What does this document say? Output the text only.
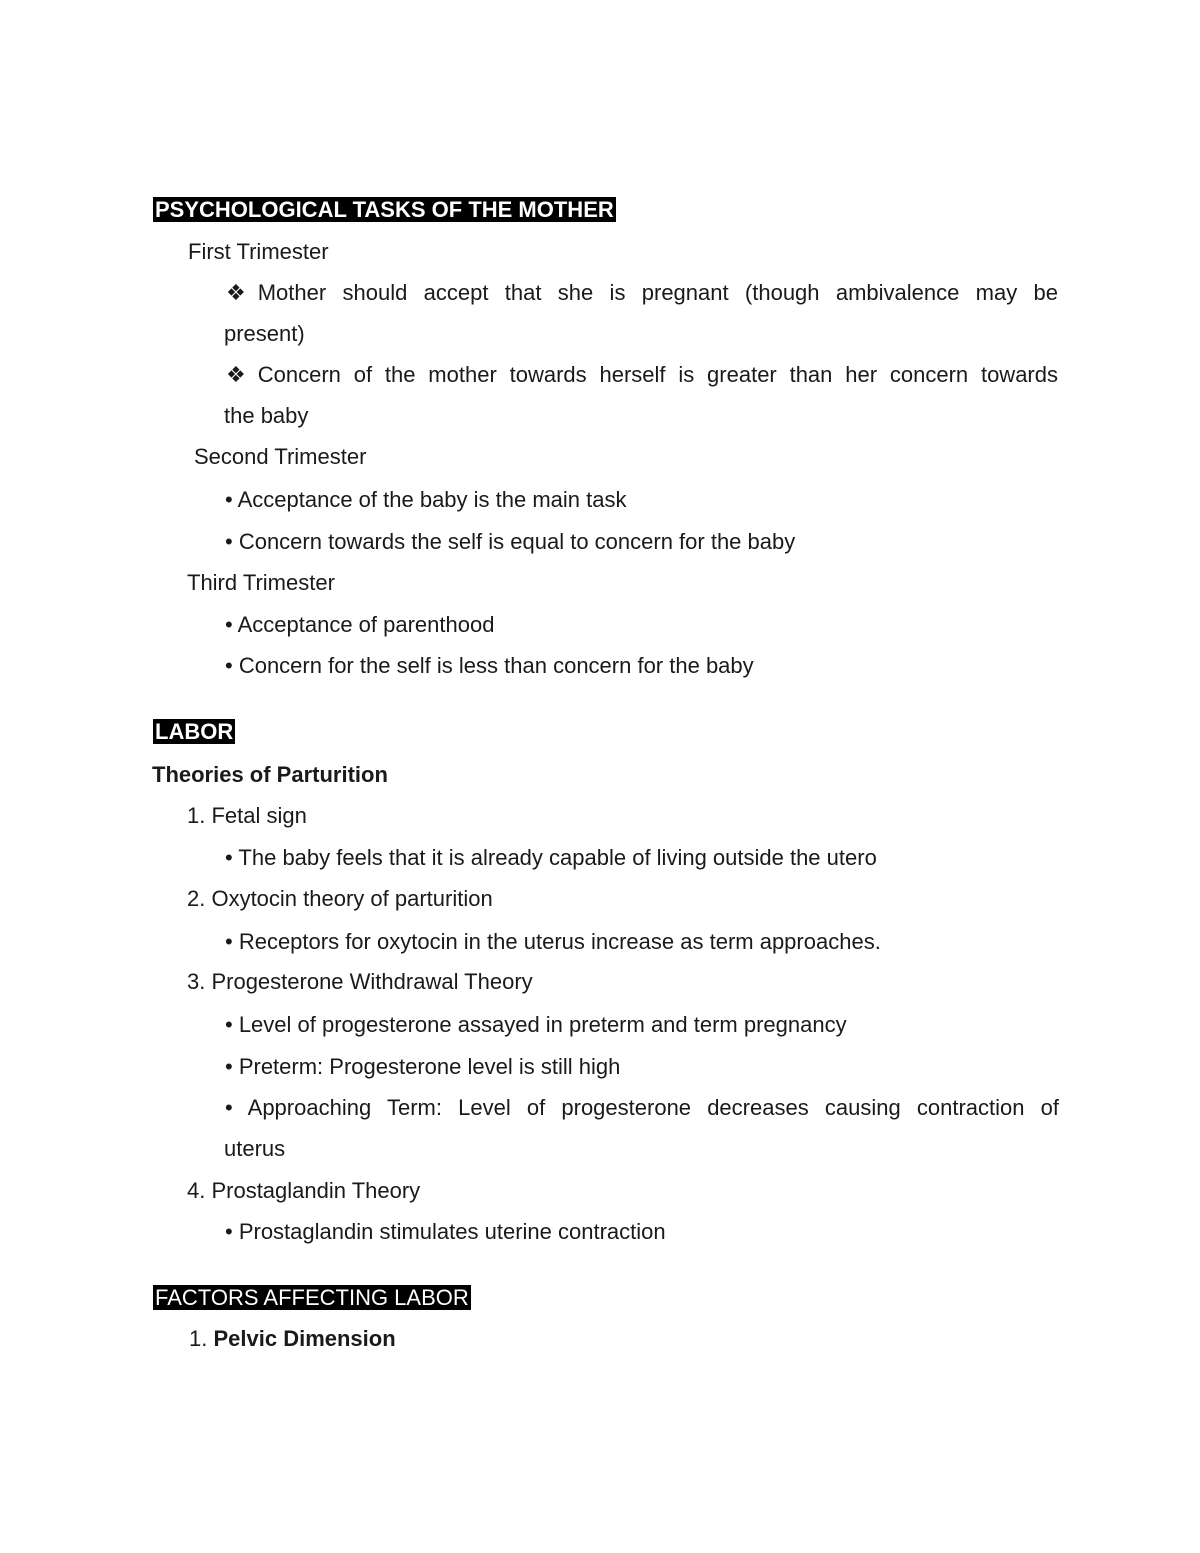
PSYCHOLOGICAL TASKS OF THE MOTHER
First Trimester
❖ Mother should accept that she is pregnant (though ambivalence may be
present)
❖ Concern of the mother towards herself is greater than her concern towards
the baby
Second Trimester
• Acceptance of the baby is the main task
• Concern towards the self is equal to concern for the baby
Third Trimester
• Acceptance of parenthood
• Concern for the self is less than concern for the baby
LABOR
Theories of Parturition
1. Fetal sign
• The baby feels that it is already capable of living outside the utero
2. Oxytocin theory of parturition
• Receptors for oxytocin in the uterus increase as term approaches.
3. Progesterone Withdrawal Theory
• Level of progesterone assayed in preterm and term pregnancy
• Preterm: Progesterone level is still high
• Approaching Term: Level of progesterone decreases causing contraction of
uterus
4. Prostaglandin Theory
• Prostaglandin stimulates uterine contraction
FACTORS AFFECTING LABOR
1. Pelvic Dimension
